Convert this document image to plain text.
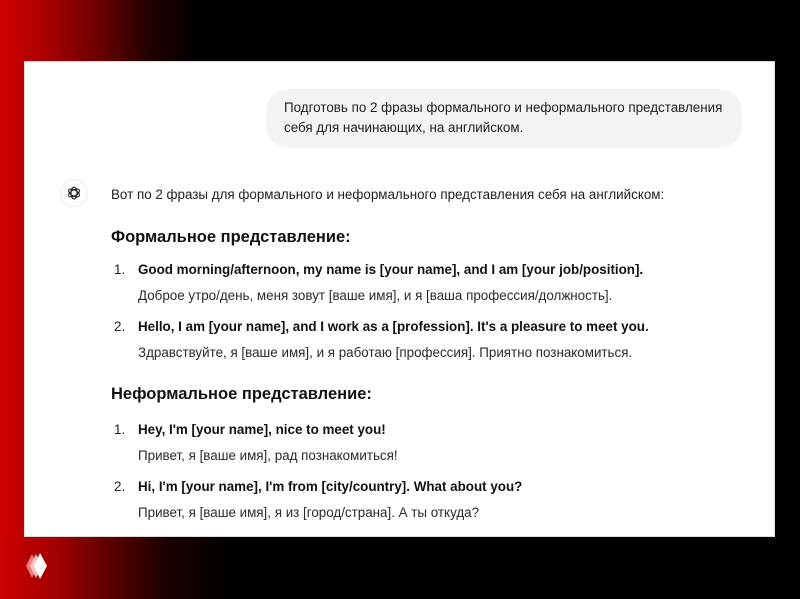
Подготовь по 2 фразы формального и неформального представления себя для начинающих, на английском.
Вот по 2 фразы для формального и неформального представления себя на английском:
Формальное представление:
1. Good morning/afternoon, my name is [your name], and I am [your job/position].
Доброе утро/день, меня зовут [ваше имя], и я [ваша профессия/должность].
2. Hello, I am [your name], and I work as a [profession]. It's a pleasure to meet you.
Здравствуйте, я [ваше имя], и я работаю [профессия]. Приятно познакомиться.
Неформальное представление:
1. Hey, I'm [your name], nice to meet you!
Привет, я [ваше имя], рад познакомиться!
2. Hi, I'm [your name], I'm from [city/country]. What about you?
Привет, я [ваше имя], я из [город/страна]. А ты откуда?
